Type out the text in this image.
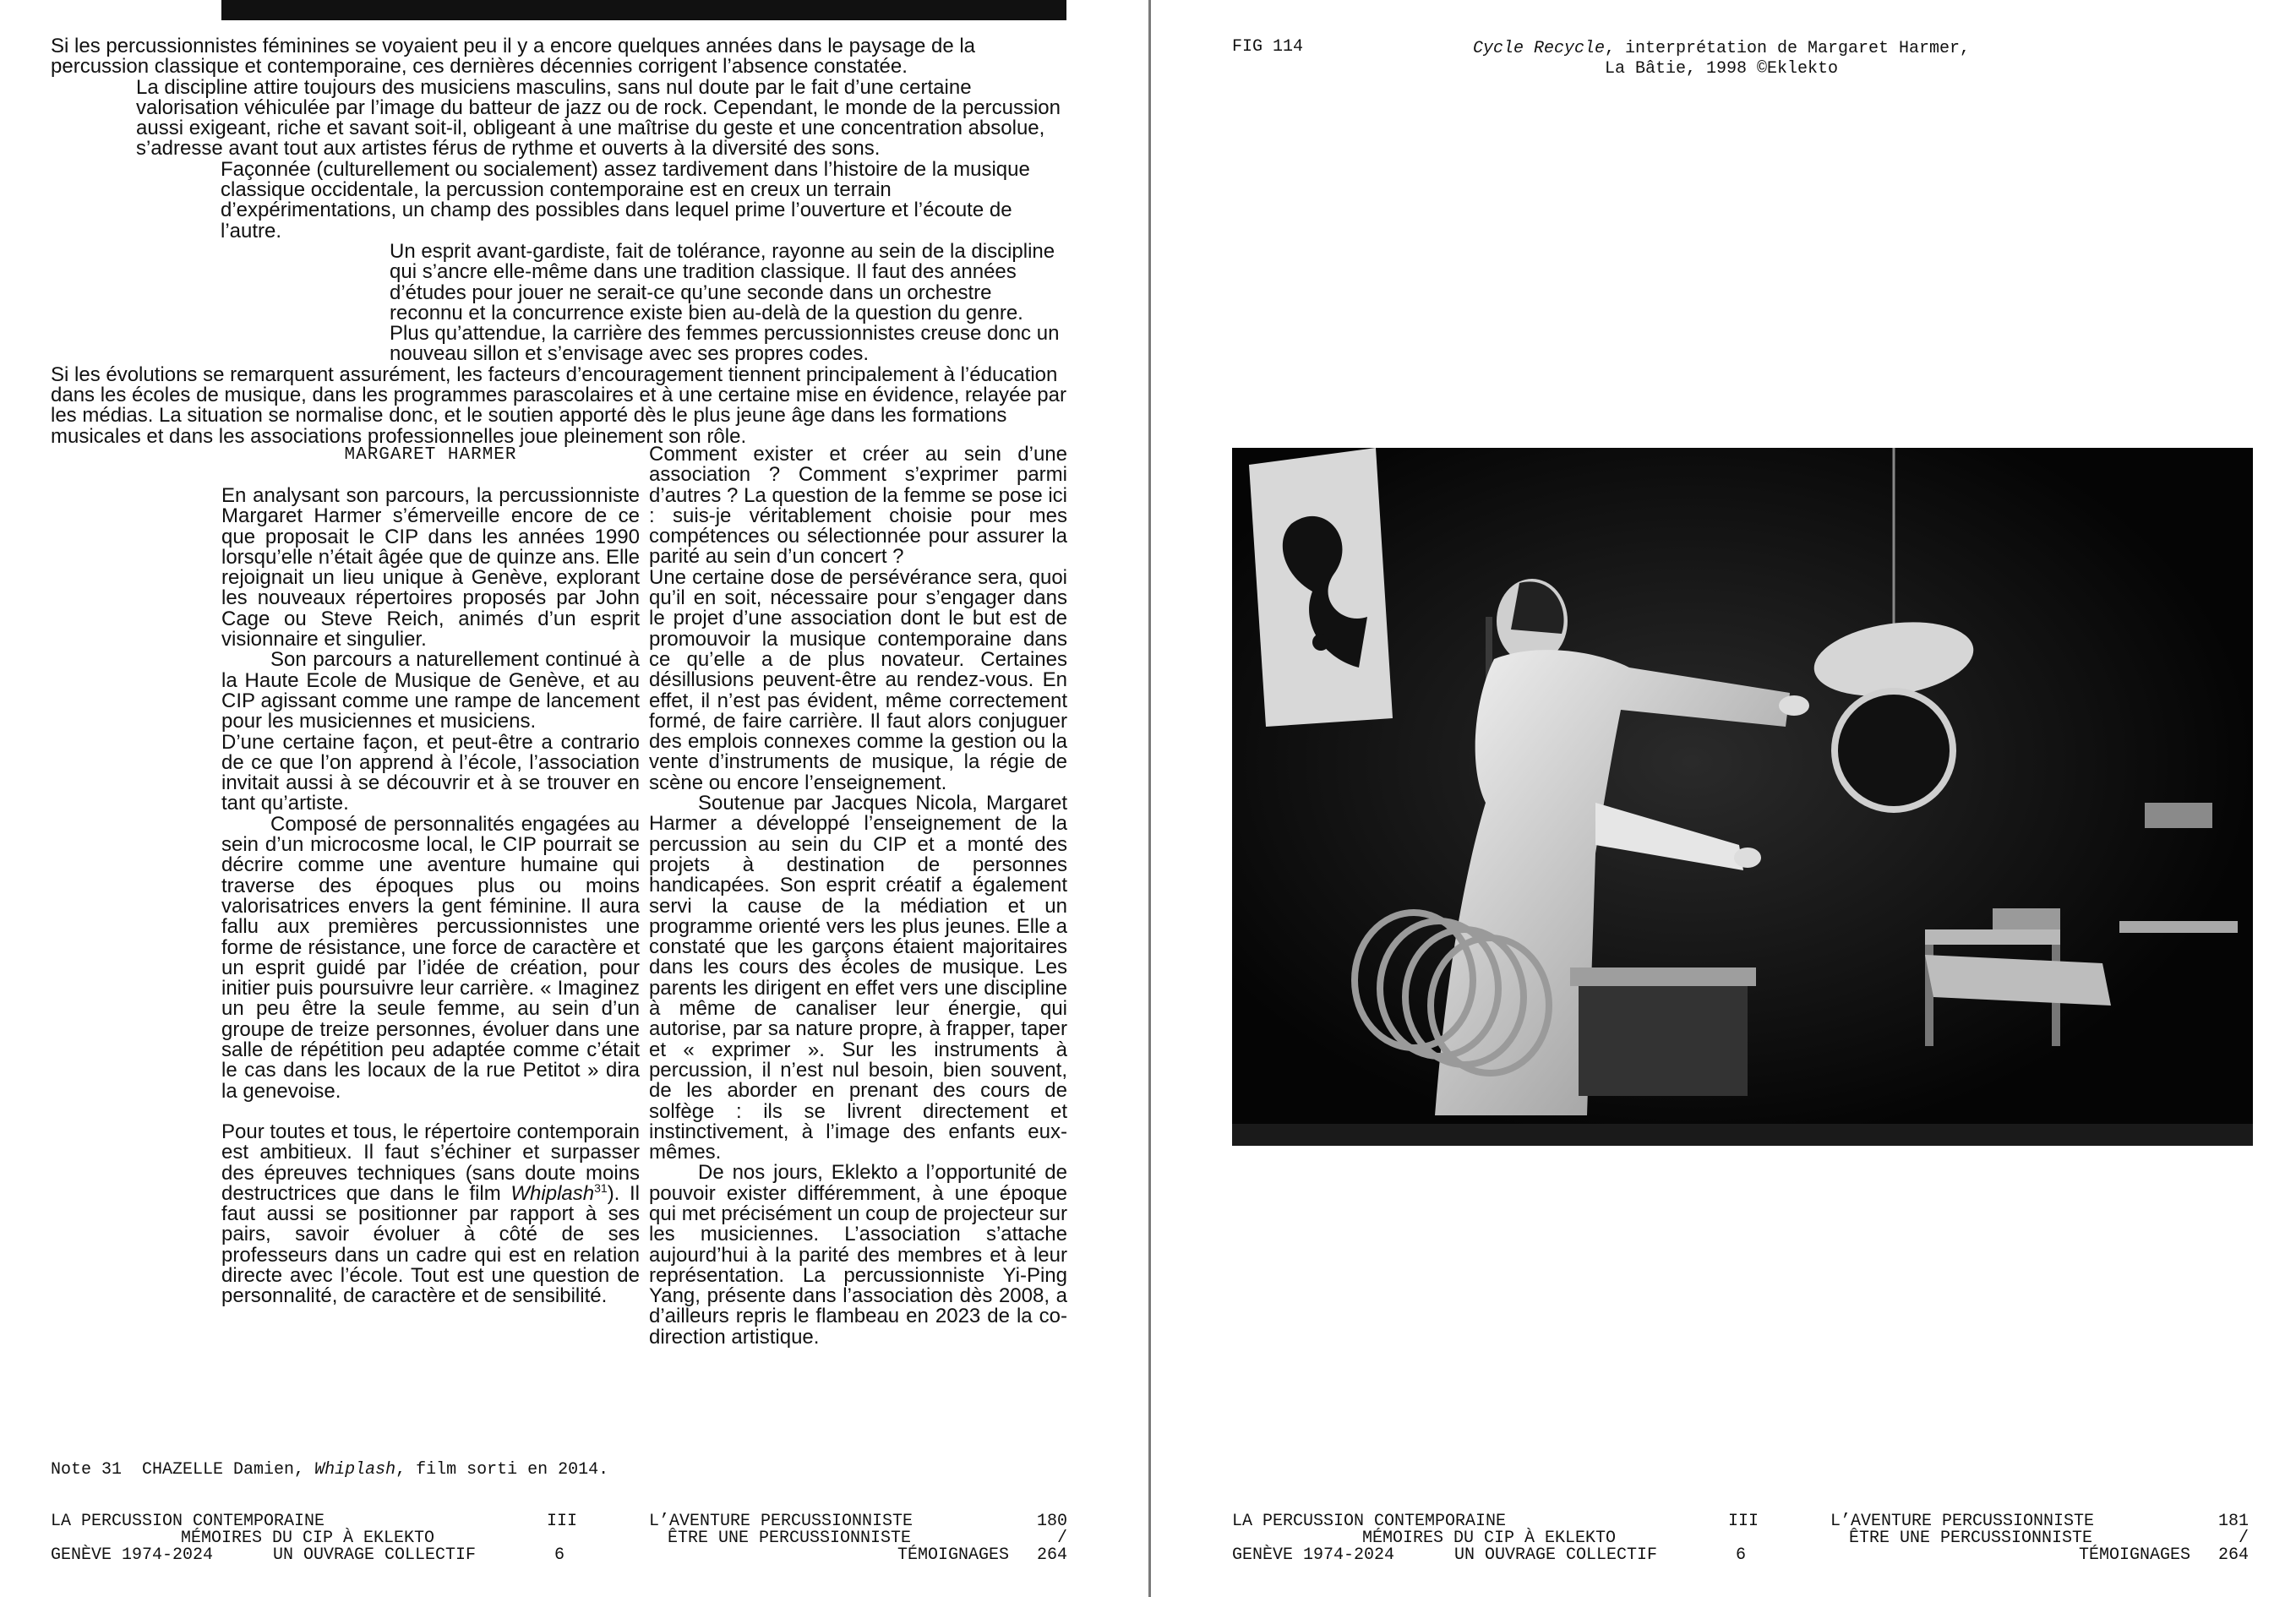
Si les percussionnistes féminines se voyaient peu il y a encore quelques années dans le paysage de la percussion classique et contemporaine, ces dernières décennies corrigent l’absence constatée.

La discipline attire toujours des musiciens masculins, sans nul doute par le fait d’une certaine valorisation véhiculée par l’image du batteur de jazz ou de rock. Cependant, le monde de la percussion aussi exigeant, riche et savant soit-il, obligeant à une maîtrise du geste et une concentration absolue, s’adresse avant tout aux artistes férus de rythme et ouverts à la diversité des sons.

Façonnée (culturellement ou socialement) assez tardivement dans l’histoire de la musique classique occidentale, la percussion contemporaine est en creux un terrain d’expérimentations, un champ des possibles dans lequel prime l’ouverture et l’écoute de l’autre.

Un esprit avant-gardiste, fait de tolérance, rayonne au sein de la discipline qui s’ancre elle-même dans une tradition classique. Il faut des années d’études pour jouer ne serait-ce qu’une seconde dans un orchestre reconnu et la concurrence existe bien au-delà de la question du genre. Plus qu’attendue, la carrière des femmes percussionnistes creuse donc un nouveau sillon et s’envisage avec ses propres codes.

Si les évolutions se remarquent assurément, les facteurs d’encouragement tiennent principalement à l’éducation dans les écoles de musique, dans les programmes parascolaires et à une certaine mise en évidence, relayée par les médias. La situation se normalise donc, et le soutien apporté dès le plus jeune âge dans les formations musicales et dans les associations professionnelles joue pleinement son rôle.

MARGARET HARMER

En analysant son parcours, la percussionniste Margaret Harmer s’émerveille encore de ce que proposait le CIP dans les années 1990 lorsqu’elle n’était âgée que de quinze ans. Elle rejoignait un lieu unique à Genève, explorant les nouveaux répertoires proposés par John Cage ou Steve Reich, animés d’un esprit visionnaire et singulier.

Son parcours a naturellement continué à la Haute Ecole de Musique de Genève, et au CIP agissant comme une rampe de lancement pour les musiciennes et musiciens.

D’une certaine façon, et peut-être a contrario de ce que l’on apprend à l’école, l’association invitait aussi à se découvrir et à se trouver en tant qu’artiste.

Composé de personnalités engagées au sein d’un microcosme local, le CIP pourrait se décrire comme une aventure humaine qui traverse des époques plus ou moins valorisatrices envers la gent féminine. Il aura fallu aux premières percussionnistes une forme de résistance, une force de caractère et un esprit guidé par l’idée de création, pour initier puis poursuivre leur carrière. « Imaginez un peu être la seule femme, au sein d’un groupe de treize personnes, évoluer dans une salle de répétition peu adaptée comme c’était le cas dans les locaux de la rue Petitot » dira la genevoise.

Pour toutes et tous, le répertoire contemporain est ambitieux. Il faut s’échiner et surpasser des épreuves techniques (sans doute moins destructrices que dans le film Whiplash$^{31}$). Il faut aussi se positionner par rapport à ses pairs, savoir évoluer à côté de ses professeurs dans un cadre qui est en relation directe avec l’école. Tout est une question de personnalité, de caractère et de sensibilité.

Comment exister et créer au sein d’une association ? Comment s’exprimer parmi d’autres ? La question de la femme se pose ici : suis-je véritablement choisie pour mes compétences ou sélectionnée pour assurer la parité au sein d’un concert ?

Une certaine dose de persévérance sera, quoi qu’il en soit, nécessaire pour s’engager dans le projet d’une association dont le but est de promouvoir la musique contemporaine dans ce qu’elle a de plus novateur. Certaines désillusions peuvent-être au rendez-vous. En effet, il n’est pas évident, même correctement formé, de faire carrière. Il faut alors conjuguer des emplois connexes comme la gestion ou la vente d’instruments de musique, la régie de scène ou encore l’enseignement.

Soutenue par Jacques Nicola, Margaret Harmer a développé l’enseignement de la percussion au sein du CIP et a monté des projets à destination de personnes handicapées. Son esprit créatif a également servi la cause de la médiation et un programme orienté vers les plus jeunes. Elle a constaté que les garçons étaient majoritaires dans les cours des écoles de musique. Les parents les dirigent en effet vers une discipline à même de canaliser leur énergie, qui autorise, par sa nature propre, à frapper, taper et « exprimer ». Sur les instruments à percussion, il n’est nul besoin, bien souvent, de les aborder en prenant des cours de solfège : ils se livrent directement et instinctivement, à l’image des enfants eux-mêmes.

De nos jours, Eklekto a l’opportunité de pouvoir exister différemment, à une époque qui met précisément un coup de projecteur sur les musiciennes. L’association s’attache aujourd’hui à la parité des membres et à leur représentation. La percussionniste Yi-Ping Yang, présente dans l’association dès 2008, a d’ailleurs repris le flambeau en 2023 de la co-direction artistique.

Note 31 CHAZELLE Damien, Whiplash, film sorti en 2014.
LA PERCUSSION CONTEMPORAINE
MÉMOIRES DU CIP À EKLEKTO
GENÈVE 1974-2024	UN OUVRAGE COLLECTIF
III
6
L’AVENTURE PERCUSSIONNISTE
ÊTRE UNE PERCUSSIONNISTE
TÉMOIGNAGES
180
/
264
FIG 114	Cycle Recycle, interprétation de Margaret Harmer,
La Bâtie, 1998 ©Eklekto
LA PERCUSSION CONTEMPORAINE
MÉMOIRES DU CIP À EKLEKTO
GENÈVE 1974-2024	UN OUVRAGE COLLECTIF
III
6
L’AVENTURE PERCUSSIONNISTE
ÊTRE UNE PERCUSSIONNISTE
TÉMOIGNAGES
181
/
264
